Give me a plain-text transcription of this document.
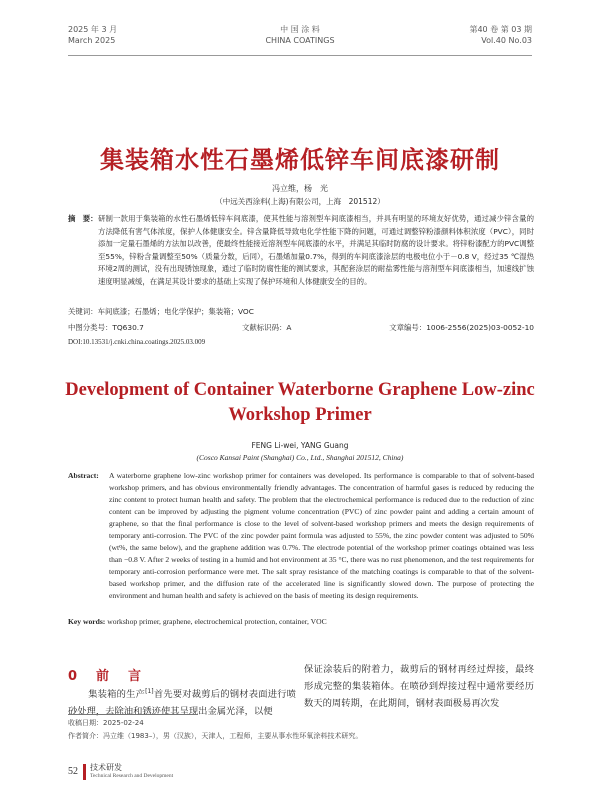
2025 年 3 月
March 2025
中 国 涂 料
CHINA COATINGS
第40 卷 第 03 期
Vol.40 No.03
集装箱水性石墨烯低锌车间底漆研制
冯立维，杨　光
（中远关西涂料(上海)有限公司，上海　201512）
摘　要： 研制一款用于集装箱的水性石墨烯低锌车间底漆，使其性能与溶剂型车间底漆相当，并具有明显的环境友好优势，通过减少锌含量的方法降低有害气体浓度，保护人体健康安全。锌含量降低导致电化学性能下降的问题，可通过调整锌粉漆颜料体积浓度（PVC），同时添加一定量石墨烯的方法加以改善，使最终性能接近溶剂型车间底漆的水平，并满足其临时防腐的设计要求。将锌粉漆配方的PVC调整至55%，锌粉含量调整至50%（质量分数，后同），石墨烯加量0.7%，得到的车间底漆涂层的电极电位小于－0.8 V，经过35 ℃湿热环境2周的测试，没有出现锈蚀现象，通过了临时防腐性能的测试要求，其配套涂层的耐盐雾性能与溶剂型车间底漆相当，加速线扩蚀速度明显减缓，在满足其设计要求的基础上实现了保护环境和人体健康安全的目的。
关键词：车间底漆；石墨烯；电化学保护；集装箱；VOC
中图分类号：TQ630.7	文献标识码：A	文章编号：1006-2556(2025)03-0052-10
DOI:10.13531/j.cnki.china.coatings.2025.03.009
Development of Container Waterborne Graphene Low-zinc Workshop Primer
FENG Li-wei, YANG Guang
(Cosco Kansai Paint (Shanghai) Co., Ltd., Shanghai 201512, China)
Abstract: A waterborne graphene low-zinc workshop primer for containers was developed. Its performance is comparable to that of solvent-based workshop primers, and has obvious environmentally friendly advantages. The concentration of harmful gases is reduced by reducing the zinc content to protect human health and safety. The problem that the electrochemical performance is reduced due to the reduction of zinc content can be improved by adjusting the pigment volume concentration (PVC) of zinc powder paint and adding a certain amount of graphene, so that the final performance is close to the level of solvent-based workshop primers and meets the design requirements of temporary anti-corrosion. The PVC of the zinc powder paint formula was adjusted to 55%, the zinc powder content was adjusted to 50% (wt%, the same below), and the graphene addition was 0.7%. The electrode potential of the workshop primer coatings obtained was less than −0.8 V. After 2 weeks of testing in a humid and hot environment at 35 °C, there was no rust phenomenon, and the test requirements for temporary anti-corrosion performance were met. The salt spray resistance of the matching coatings is comparable to that of the solvent-based workshop primer, and the diffusion rate of the accelerated line is significantly slowed down. The purpose of protecting the environment and human health and safety is achieved on the basis of meeting its design requirements.
Key words: workshop primer, graphene, electrochemical protection, container, VOC
0　前　言
集装箱的生产[1]首先要对裁剪后的钢材表面进行喷砂处理，去除油和锈迹使其呈现出金属光泽，以便
保证涂装后的附着力，裁剪后的钢材再经过焊接，最终形成完整的集装箱体。在喷砂到焊接过程中通常要经历数天的周转期，在此期间，钢材表面极易再次发
收稿日期：2025-02-24
作者简介：冯立维（1983–），男（汉族），天津人，工程师，主要从事水性环氧涂料技术研究。
52 技术研发
Technical Research and Development
